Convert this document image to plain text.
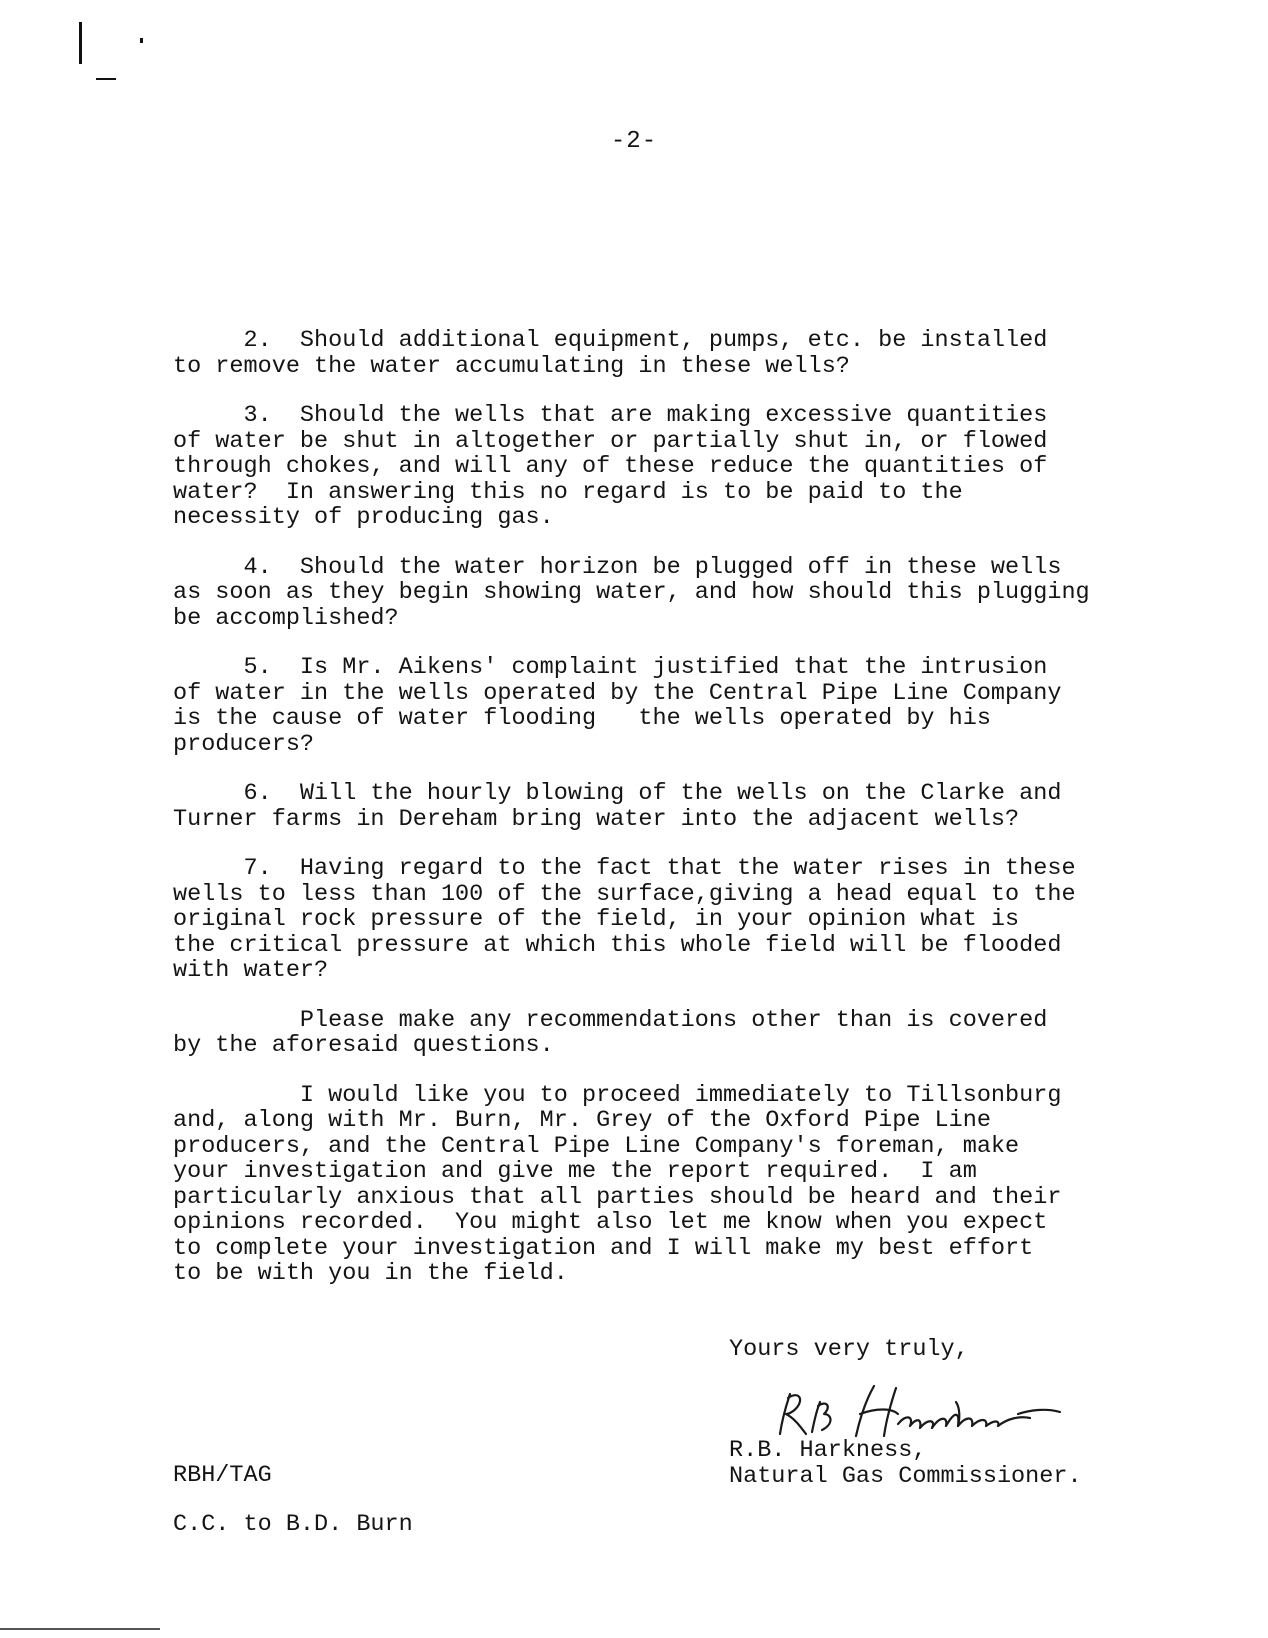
-2-

2.  Should additional equipment, pumps, etc. be installed
to remove the water accumulating in these wells?

3.  Should the wells that are making excessive quantities
of water be shut in altogether or partially shut in, or flowed
through chokes, and will any of these reduce the quantities of
water?  In answering this no regard is to be paid to the
necessity of producing gas.

4.  Should the water horizon be plugged off in these wells
as soon as they begin showing water, and how should this plugging
be accomplished?

5.  Is Mr. Aikens' complaint justified that the intrusion
of water in the wells operated by the Central Pipe Line Company
is the cause of water flooding   the wells operated by his
producers?

6.  Will the hourly blowing of the wells on the Clarke and
Turner farms in Dereham bring water into the adjacent wells?

7.  Having regard to the fact that the water rises in these
wells to less than 100 of the surface,giving a head equal to the
original rock pressure of the field, in your opinion what is
the critical pressure at which this whole field will be flooded
with water?

Please make any recommendations other than is covered
by the aforesaid questions.

I would like you to proceed immediately to Tillsonburg
and, along with Mr. Burn, Mr. Grey of the Oxford Pipe Line
producers, and the Central Pipe Line Company's foreman, make
your investigation and give me the report required.  I am
particularly anxious that all parties should be heard and their
opinions recorded.  You might also let me know when you expect
to complete your investigation and I will make my best effort
to be with you in the field.

Yours very truly,
R.B. Harkness,
Natural Gas Commissioner.
RBH/TAG
C.C. to B.D. Burn
